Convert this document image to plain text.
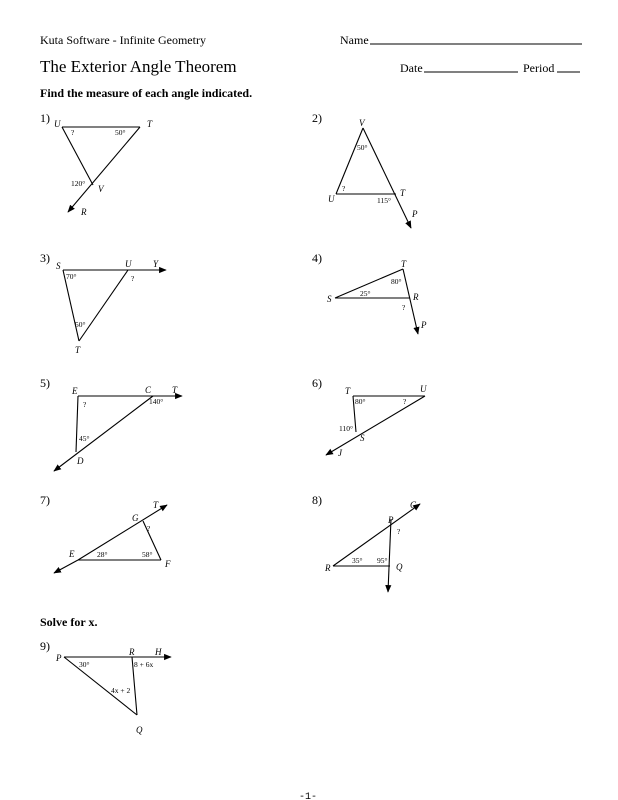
Kuta Software - Infinite Geometry	Name
The Exterior Angle Theorem	Date	Period
Find the measure of each angle indicated.
1) U	T
V
R
?	50°
120°
2)	V
U
T
P
50°
?
115°
3)
S	U Y
T
70°	?
50°
4)	T
S	R
P
80°
25°
?
5)
E	C T
D
?	140°
45°
6)
T	U
S
J
80°	?
110°
7)	T
G
E
F
?
28°	58°
8)	G
P
R	Q
?
35° 95°
Solve for x.
9)
P
R H
Q
30°	8 + 6x
4x + 2
-1-
